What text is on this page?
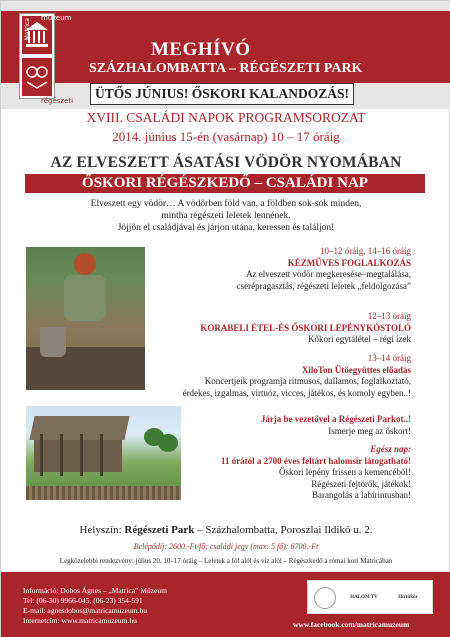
Matrica múzeum
régészeti
MEGHÍVÓ
SZÁZHALOMBATTA – RÉGÉSZETI PARK
ÜTŐS JÚNIUS! ŐSKORI KALANDOZÁS!
XVIII. CSALÁDI NAPOK PROGRAMSOROZAT
2014. június 15-én (vasárnap) 10 – 17 óráig
AZ ELVESZETT ÁSATÁSI VÖDÖR NYOMÁBAN
ŐSKORI RÉGÉSZKEDŐ – CSALÁDI NAP
Elveszett egy vödör… A vödörben föld van, a földben sok-sok minden,
mintha régészeti leletek lennének.
Jöjjön el családjával és járjon utána, keressen és találjon!
10–12 óráig, 14–16 óráig
KÉZMŰVES FOGLALKOZÁS
Az elveszett vödör megkeresése–megtalálása,
cserépragasztás, régészeti leletek „feldolgozása”
12–13 óráig
KORABELI ÉTEL-ÉS ŐSKORI LEPÉNYKÓSTOLÓ
Kőkori egytálétel – régi ízek
13–14 óráig
XiloTon Ütőegyüttes előadás
Koncertjeik programja ritmusos, dallamos, foglalkoztató,
érdekes, izgalmas, virtuóz, vicces, játékos, és komoly egyben..!
Járja be vezetővel a Régészeti Parkot..!
Ismerje meg az őskort!
Egész nap:
11 órától a 2700 éves feltárt halomsír látogatható!
Őskori lepény frissen a kemencéből!
Régészeti fejtörők, játékok!
Barangolás a labirintusban!
Helyszín: Régészeti Park – Százhalombatta, Poroszlai Ildikó u. 2.
Belépődíj: 2600.-Ft/fő; családi jegy (max: 5 fő): 6700.-Ft
Legközelebbi rendezvény: július 20. 10–17 óráig – Leletek a föl alól és víz alól – Régészkedő a római kori Matricában
Információ: Dobos Ágnes – „Matrica” Múzeum
Tel: (06-30) 9966-045, (06-23) 354-591
E-mail: agnesdobos@matricamuzeum.hu
Internetcím: www.matricamuzeum.hu
HALOM TV	Hírtükör
www.facebook.com/matricamuzeum
